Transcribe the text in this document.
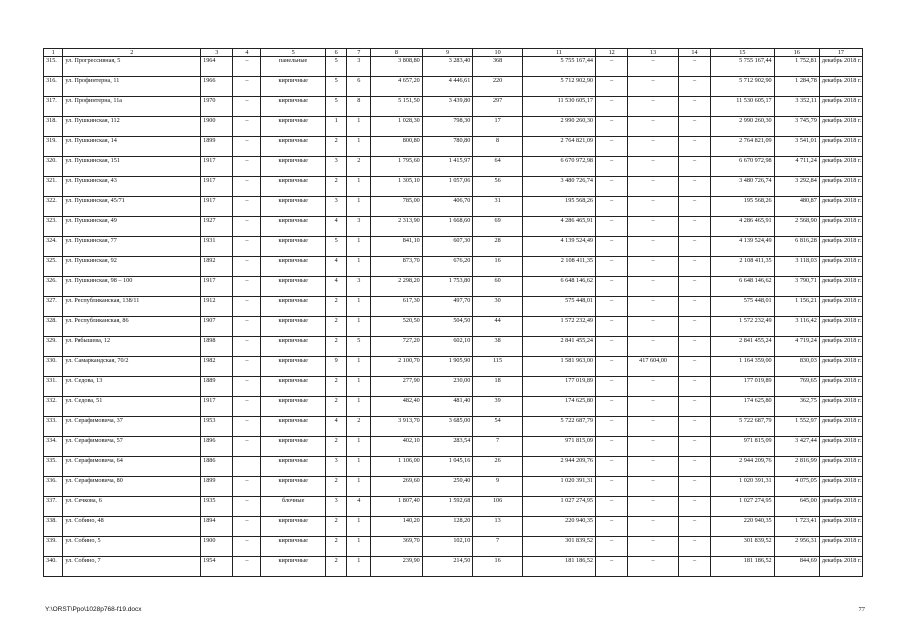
1	2	3	4	5	6	7	8	9	10	11	12	13	14	15	16	17
315.	ул. Прогрессивная, 5	1964	–	панельные	5	3	3 808,80	3 283,40	368	5 755 167,44	–	–	–	5 755 167,44	1 752,81	декабрь 2018 г.
316.	ул. Профинтерна, 11	1966	–	кирпичные	5	6	4 657,20	4 446,61	220	5 712 902,90	–	–	–	5 712 902,90	1 284,78	декабрь 2018 г.
317.	ул. Профинтерна, 11а	1970	–	кирпичные	5	8	5 151,50	3 439,80	297	11 530 605,17	–	–	–	11 530 605,17	3 352,11	декабрь 2018 г.
318.	ул. Пушкинская, 112	1900	–	кирпичные	1	1	1 028,30	798,30	17	2 990 260,30	–	–	–	2 990 260,30	3 745,79	декабрь 2018 г.
319.	ул. Пушкинская, 14	1899	–	кирпичные	2	1	800,80	780,80	8	2 764 821,09	–	–	–	2 764 821,09	3 541,01	декабрь 2018 г.
320.	ул. Пушкинская, 151	1917	–	кирпичные	3	2	1 795,60	1 415,97	64	6 670 972,98	–	–	–	6 670 972,98	4 711,24	декабрь 2018 г.
321.	ул. Пушкинская, 43	1917	–	кирпичные	2	1	1 305,10	1 057,06	56	3 480 726,74	–	–	–	3 480 726,74	3 292,84	декабрь 2018 г.
322.	ул. Пушкинская, 45/71	1917	–	кирпичные	3	1	785,00	406,70	31	195 568,26	–	–	–	195 568,26	480,87	декабрь 2018 г.
323.	ул. Пушкинская, 49	1927	–	кирпичные	4	3	2 313,90	1 668,60	69	4 286 465,91	–	–	–	4 286 465,91	2 568,90	декабрь 2018 г.
324.	ул. Пушкинская, 77	1931	–	кирпичные	5	1	841,10	607,30	28	4 139 524,49	–	–	–	4 139 524,49	6 816,28	декабрь 2018 г.
325.	ул. Пушкинская, 92	1892	–	кирпичные	4	1	873,70	676,20	16	2 108 411,35	–	–	–	2 108 411,35	3 118,03	декабрь 2018 г.
326.	ул. Пушкинская, 98 – 100	1917	–	кирпичные	4	3	2 298,20	1 753,80	60	6 648 146,62	–	–	–	6 648 146,62	3 790,71	декабрь 2018 г.
327.	ул. Республиканская, 138/11	1912	–	кирпичные	2	1	617,30	497,70	30	575 448,01	–	–	–	575 448,01	1 156,21	декабрь 2018 г.
328.	ул. Республиканская, 86	1907	–	кирпичные	2	1	520,50	504,50	44	1 572 232,49	–	–	–	1 572 232,49	3 116,42	декабрь 2018 г.
329.	ул. Рябышева, 12	1898	–	кирпичные	2	5	727,20	602,10	38	2 841 455,24	–	–	–	2 841 455,24	4 719,24	декабрь 2018 г.
330.	ул. Самаркандская, 70/2	1982	–	кирпичные	9	1	2 100,70	1 905,90	115	1 581 963,00	–	417 604,00	–	1 164 359,00	830,03	декабрь 2018 г.
331.	ул. Седова, 13	1889	–	кирпичные	2	1	277,90	230,00	18	177 019,89	–	–	–	177 019,89	769,65	декабрь 2018 г.
332.	ул. Седова, 51	1917	–	кирпичные	2	1	482,40	481,40	39	174 625,80	–	–	–	174 625,80	362,75	декабрь 2018 г.
333.	ул. Серафимовича, 37	1953	–	кирпичные	4	2	3 913,70	3 685,00	54	5 722 687,79	–	–	–	5 722 687,79	1 552,97	декабрь 2018 г.
334.	ул. Серафимовича, 57	1896	–	кирпичные	2	1	402,10	283,54	7	971 815,09	–	–	–	971 815,09	3 427,44	декабрь 2018 г.
335.	ул. Серафимовича, 64	1886		кирпичные	3	1	1 106,00	1 045,16	26	2 944 209,76	–	–	–	2 944 209,76	2 816,99	декабрь 2018 г.
336.	ул. Серафимовича, 80	1899	–	кирпичные	2	1	269,60	250,40	9	1 020 391,31	–	–	–	1 020 391,31	4 075,05	декабрь 2018 г.
337.	ул. Сечкова, 6	1935	–	блочные	3	4	1 807,40	1 592,68	106	1 027 274,95	–	–	–	1 027 274,95	645,00	декабрь 2018 г.
338.	ул. Собино, 48	1894	–	кирпичные	2	1	140,20	128,20	13	220 940,35	–	–	–	220 940,35	1 723,41	декабрь 2018 г.
339.	ул. Собино, 5	1900	–	кирпичные	2	1	369,70	102,10	7	301 839,52	–	–	–	301 839,52	2 956,31	декабрь 2018 г.
340.	ул. Собино, 7	1954	–	кирпичные	2	1	239,90	214,50	16	181 186,52	–	–	–	181 186,52	844,69	декабрь 2018 г.
Y:\ORST\Ppo\1028p768-f19.docx	77
